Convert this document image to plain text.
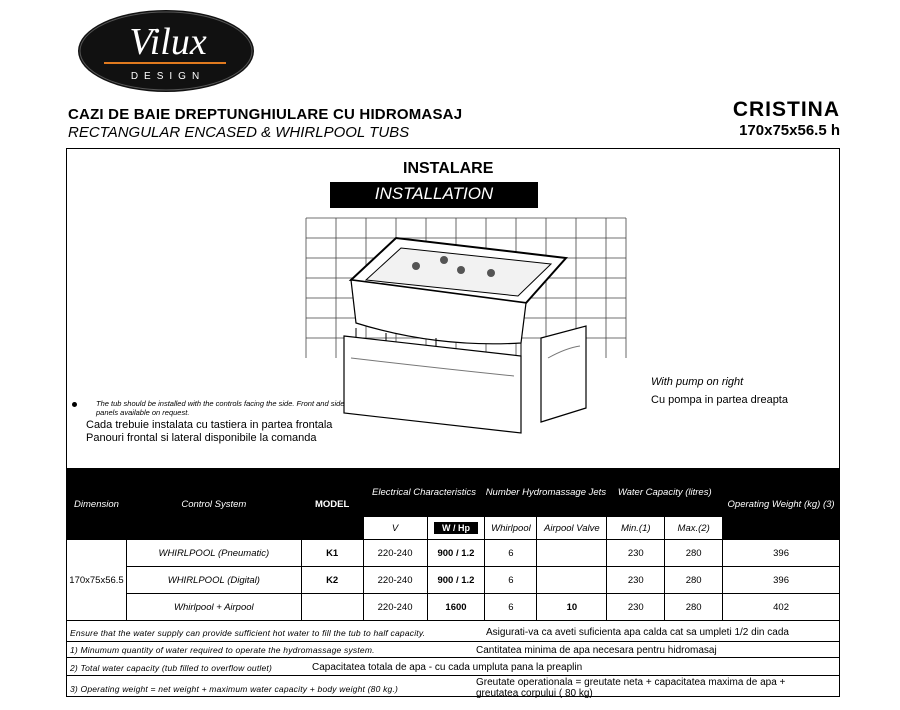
Vilux
DESIGN
CAZI DE BAIE DREPTUNGHIULARE CU HIDROMASAJ
RECTANGULAR ENCASED & WHIRLPOOL TUBS
CRISTINA
170x75x56.5 h
INSTALARE
INSTALLATION
The tub should be installed with the controls facing the side. Front and side panels available on request.
Cada trebuie instalata cu tastiera in partea frontala
Panouri frontal si lateral disponibile la comanda
With pump on right
Cu pompa in partea dreapta
Dimension	Control System	MODEL	Electrical Characteristics		Number Hydromassage Jets		Water Capacity (litres)		Operating Weight (kg) (3)
			V	W / Hp	Whirlpool	Airpool Valve	Min.(1)	Max.(2)	
170x75x56.5	WHIRLPOOL (Pneumatic)	K1	220-240	900 / 1.2	6		230	280	396
	WHIRLPOOL (Digital)	K2	220-240	900 / 1.2	6		230	280	396
	Whirlpool + Airpool		220-240	1600	6	10	230	280	402
Ensure that the water supply can provide sufficient hot water to fill the tub to half capacity.	Asigurati-va ca aveti suficienta apa calda cat sa umpleti 1/2 din cada
1) Minumum quantity of water required to operate the hydromassage system.	Cantitatea minima de apa necesara pentru hidromasaj
2) Total water capacity (tub filled to overflow outlet)	Capacitatea totala de apa - cu cada umpluta pana la preaplin
3) Operating weight = net weight + maximum water capacity + body weight (80 kg.)
Greutate operationala = greutate neta + capacitatea maxima de apa +
greutatea corpului ( 80 kg)
